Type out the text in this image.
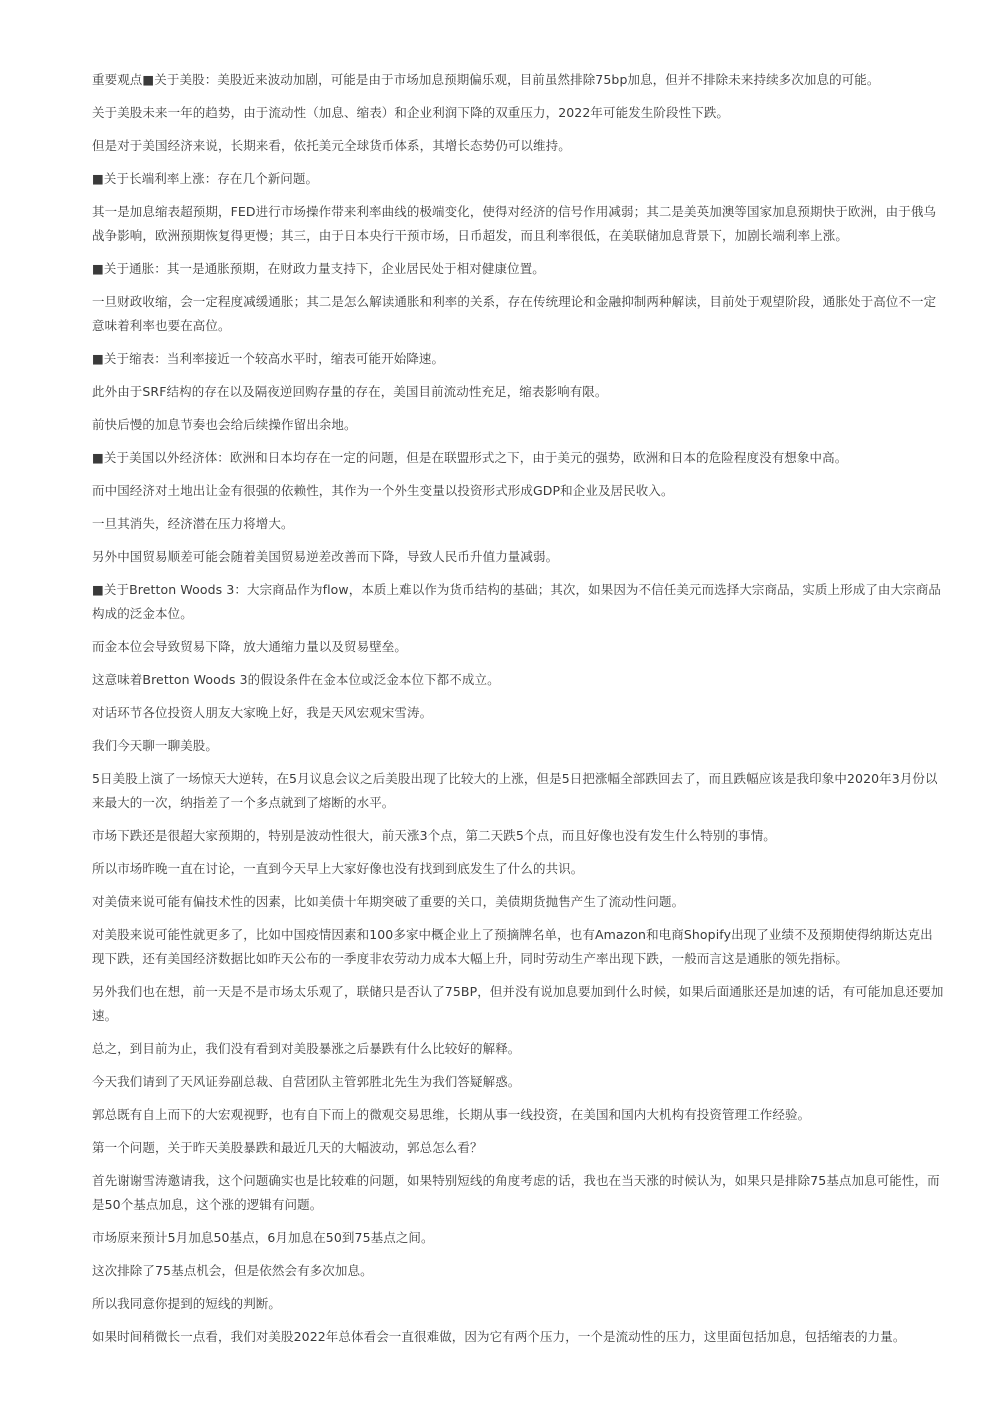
重要观点■关于美股：美股近来波动加剧，可能是由于市场加息预期偏乐观，目前虽然排除75bp加息，但并不排除未来持续多次加息的可能。

关于美股未来一年的趋势，由于流动性（加息、缩表）和企业利润下降的双重压力，2022年可能发生阶段性下跌。

但是对于美国经济来说，长期来看，依托美元全球货币体系，其增长态势仍可以维持。

■关于长端利率上涨：存在几个新问题。

其一是加息缩表超预期，FED进行市场操作带来利率曲线的极端变化，使得对经济的信号作用减弱；其二是美英加澳等国家加息预期快于欧洲，由于俄乌战争影响，欧洲预期恢复得更慢；其三，由于日本央行干预市场，日币超发，而且利率很低，在美联储加息背景下，加剧长端利率上涨。

■关于通胀：其一是通胀预期，在财政力量支持下，企业居民处于相对健康位置。

一旦财政收缩，会一定程度减缓通胀；其二是怎么解读通胀和利率的关系，存在传统理论和金融抑制两种解读，目前处于观望阶段，通胀处于高位不一定意味着利率也要在高位。

■关于缩表：当利率接近一个较高水平时，缩表可能开始降速。

此外由于SRF结构的存在以及隔夜逆回购存量的存在，美国目前流动性充足，缩表影响有限。

前快后慢的加息节奏也会给后续操作留出余地。

■关于美国以外经济体：欧洲和日本均存在一定的问题，但是在联盟形式之下，由于美元的强势，欧洲和日本的危险程度没有想象中高。

而中国经济对土地出让金有很强的依赖性，其作为一个外生变量以投资形式形成GDP和企业及居民收入。

一旦其消失，经济潜在压力将增大。

另外中国贸易顺差可能会随着美国贸易逆差改善而下降，导致人民币升值力量减弱。

■关于Bretton Woods 3：大宗商品作为flow，本质上难以作为货币结构的基础；其次，如果因为不信任美元而选择大宗商品，实质上形成了由大宗商品构成的泛金本位。

而金本位会导致贸易下降，放大通缩力量以及贸易壁垒。

这意味着Bretton Woods 3的假设条件在金本位或泛金本位下都不成立。

对话环节各位投资人朋友大家晚上好，我是天风宏观宋雪涛。

我们今天聊一聊美股。

5日美股上演了一场惊天大逆转，在5月议息会议之后美股出现了比较大的上涨，但是5日把涨幅全部跌回去了，而且跌幅应该是我印象中2020年3月份以来最大的一次，纳指差了一个多点就到了熔断的水平。

市场下跌还是很超大家预期的，特别是波动性很大，前天涨3个点，第二天跌5个点，而且好像也没有发生什么特别的事情。

所以市场昨晚一直在讨论，一直到今天早上大家好像也没有找到到底发生了什么的共识。

对美债来说可能有偏技术性的因素，比如美债十年期突破了重要的关口，美债期货抛售产生了流动性问题。

对美股来说可能性就更多了，比如中国疫情因素和100多家中概企业上了预摘牌名单，也有Amazon和电商Shopify出现了业绩不及预期使得纳斯达克出现下跌，还有美国经济数据比如昨天公布的一季度非农劳动力成本大幅上升，同时劳动生产率出现下跌，一般而言这是通胀的领先指标。

另外我们也在想，前一天是不是市场太乐观了，联储只是否认了75BP，但并没有说加息要加到什么时候，如果后面通胀还是加速的话，有可能加息还要加速。

总之，到目前为止，我们没有看到对美股暴涨之后暴跌有什么比较好的解释。

今天我们请到了天风证券副总裁、自营团队主管郭胜北先生为我们答疑解惑。

郭总既有自上而下的大宏观视野，也有自下而上的微观交易思维，长期从事一线投资，在美国和国内大机构有投资管理工作经验。

第一个问题，关于昨天美股暴跌和最近几天的大幅波动，郭总怎么看？

首先谢谢雪涛邀请我，这个问题确实也是比较难的问题，如果特别短线的角度考虑的话，我也在当天涨的时候认为，如果只是排除75基点加息可能性，而是50个基点加息，这个涨的逻辑有问题。

市场原来预计5月加息50基点，6月加息在50到75基点之间。

这次排除了75基点机会，但是依然会有多次加息。

所以我同意你提到的短线的判断。

如果时间稍微长一点看，我们对美股2022年总体看会一直很难做，因为它有两个压力，一个是流动性的压力，这里面包括加息，包括缩表的力量。
